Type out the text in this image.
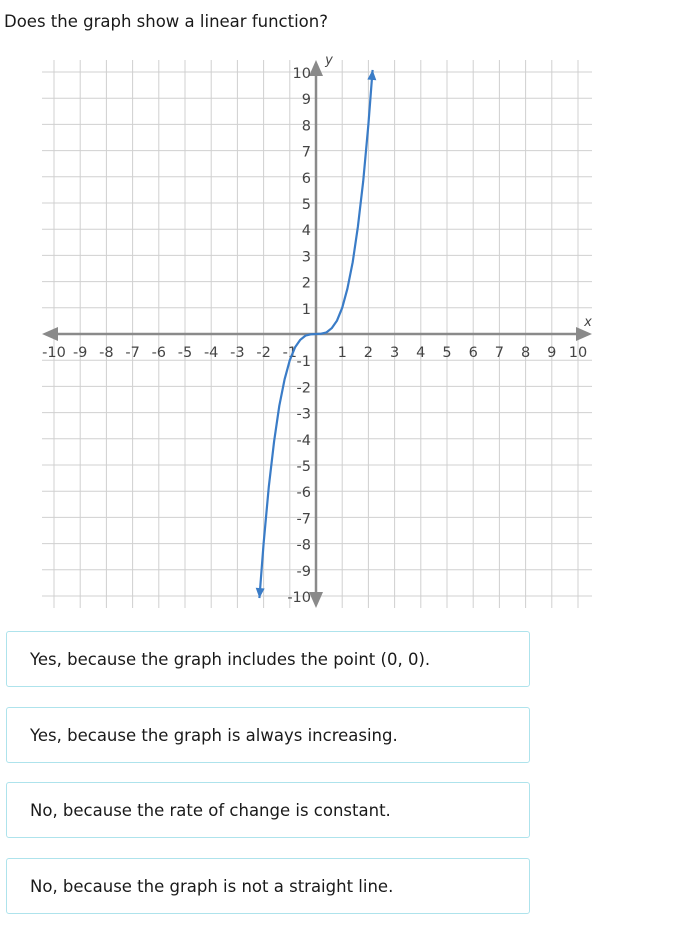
Does the graph show a linear function?
x
y
-10 -9 -8 -7 -6 -5 -4 -3 -2 -1	1 2 3 4 5 6 7 8 9 10
10
9
8
7
6
5
4
3
2
1
-1
-2
-3
-4
-5
-6
-7
-8
-9
-10
Yes, because the graph includes the point (0, 0).
Yes, because the graph is always increasing.
No, because the rate of change is constant.
No, because the graph is not a straight line.
